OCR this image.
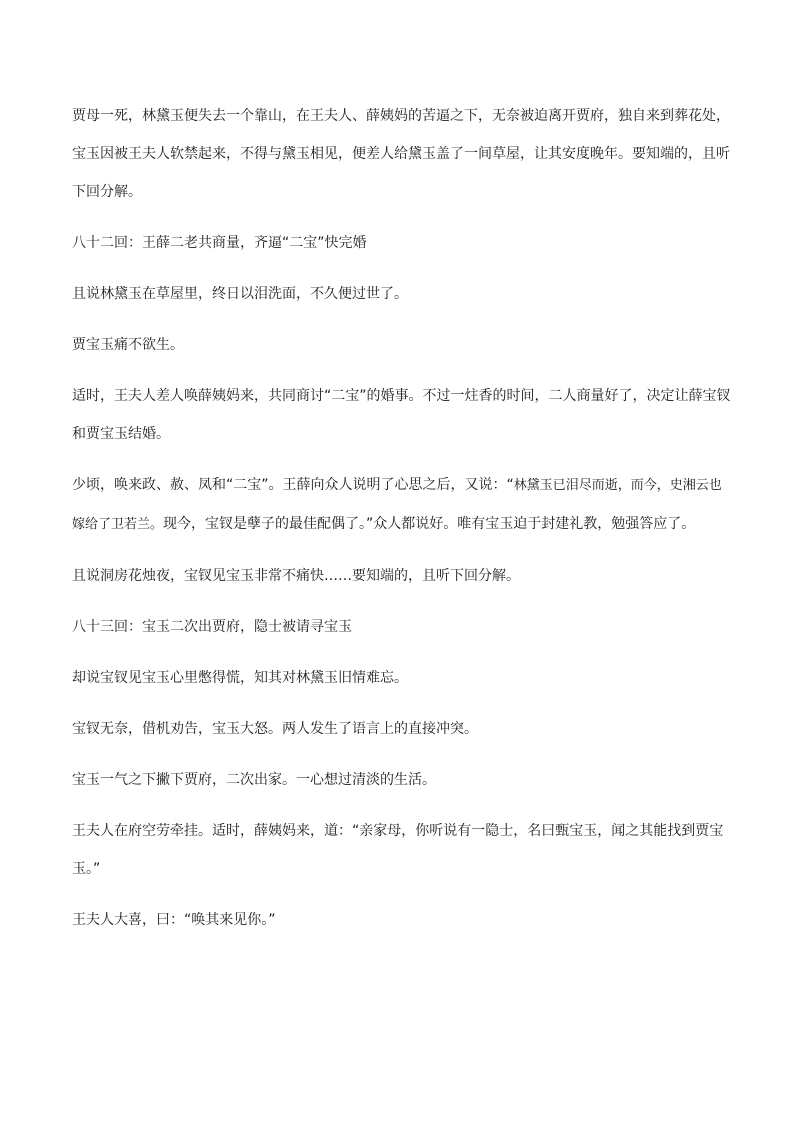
贾母一死，林黛玉便失去一个靠山，在王夫人、薛姨妈的苦逼之下，无奈被迫离开贾府，独自来到葬花处，宝玉因被王夫人软禁起来，不得与黛玉相见，便差人给黛玉盖了一间草屋，让其安度晚年。要知端的，且听下回分解。

八十二回：王薛二老共商量，齐逼“二宝”快完婚

且说林黛玉在草屋里，终日以泪洗面，不久便过世了。

贾宝玉痛不欲生。

适时，王夫人差人唤薛姨妈来，共同商讨“二宝”的婚事。不过一炷香的时间，二人商量好了，决定让薛宝钗和贾宝玉结婚。

少顷，唤来政、赦、凤和“二宝”。王薛向众人说明了心思之后，又说：“林黛玉已泪尽而逝，而今，史湘云也嫁给了卫若兰。现今，宝钗是孽子的最佳配偶了。”众人都说好。唯有宝玉迫于封建礼教，勉强答应了。

且说洞房花烛夜，宝钗见宝玉非常不痛快……要知端的，且听下回分解。

八十三回：宝玉二次出贾府，隐士被请寻宝玉

却说宝钗见宝玉心里憋得慌，知其对林黛玉旧情难忘。

宝钗无奈，借机劝告，宝玉大怒。两人发生了语言上的直接冲突。

宝玉一气之下撇下贾府，二次出家。一心想过清淡的生活。

王夫人在府空劳牵挂。适时，薛姨妈来，道：“亲家母，你听说有一隐士，名曰甄宝玉，闻之其能找到贾宝玉。”

王夫人大喜，曰：“唤其来见你。”
